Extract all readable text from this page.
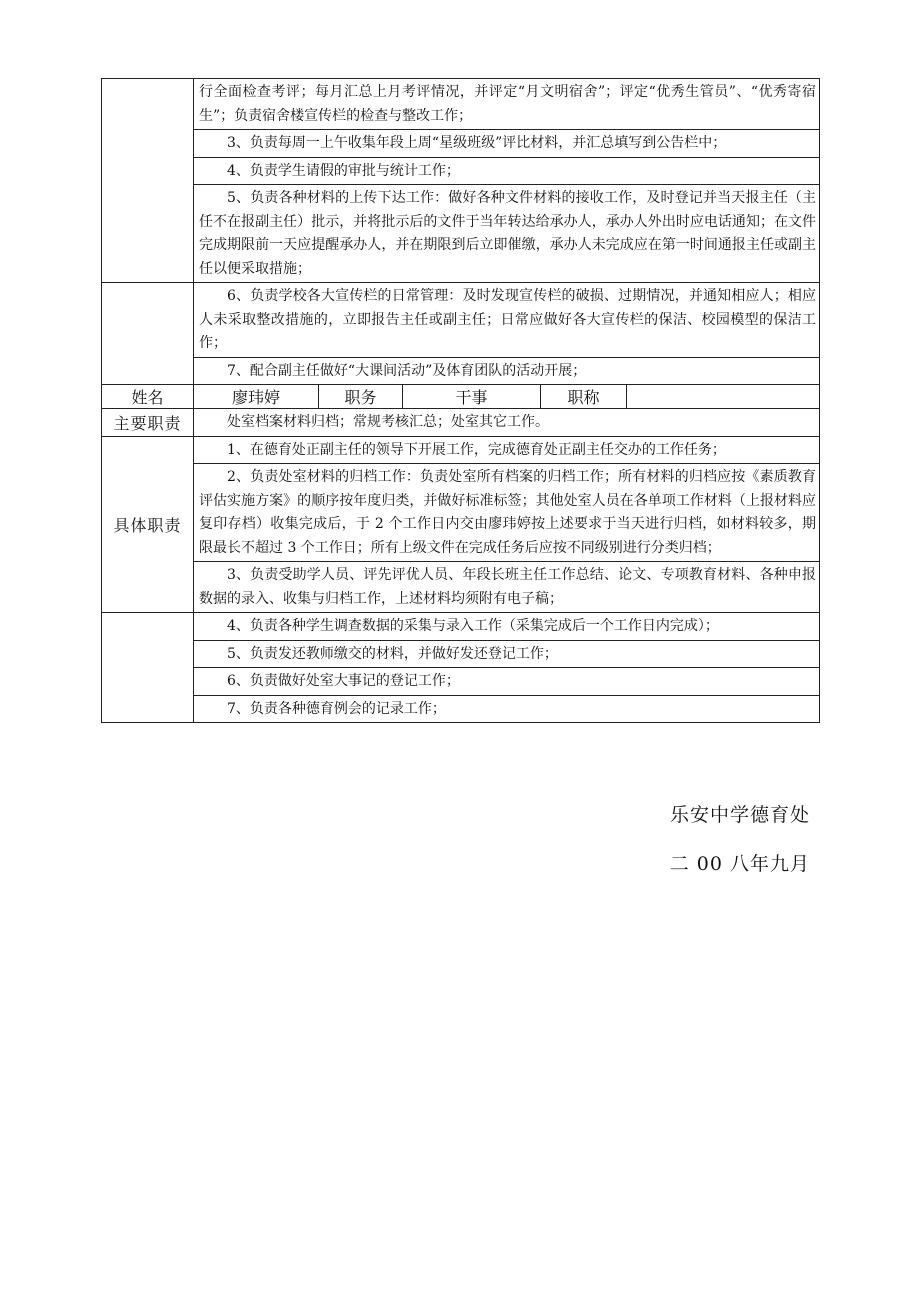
	行全面检查考评；每月汇总上月考评情况，并评定“月文明宿舍”；评定“优秀生管员”、“优秀寄宿生”；负责宿舍楼宣传栏的检查与整改工作；				
	3、负责每周一上午收集年段上周“星级班级”评比材料，并汇总填写到公告栏中；				
	4、负责学生请假的审批与统计工作；				
	5、负责各种材料的上传下达工作：做好各种文件材料的接收工作，及时登记并当天报主任（主任不在报副主任）批示，并将批示后的文件于当年转达给承办人，承办人外出时应电话通知；在文件完成期限前一天应提醒承办人，并在期限到后立即催缴，承办人未完成应在第一时间通报主任或副主任以便采取措施；				
	6、负责学校各大宣传栏的日常管理：及时发现宣传栏的破损、过期情况，并通知相应人；相应人未采取整改措施的，立即报告主任或副主任；日常应做好各大宣传栏的保洁、校园模型的保洁工作；				
	7、配合副主任做好“大课间活动”及体育团队的活动开展；				
姓名	廖玮婷	职务	干事	职称	
主要职责	处室档案材料归档；常规考核汇总；处室其它工作。				
具体职责	1、在德育处正副主任的领导下开展工作，完成德育处正副主任交办的工作任务；				
	2、负责处室材料的归档工作：负责处室所有档案的归档工作；所有材料的归档应按《素质教育评估实施方案》的顺序按年度归类，并做好标准标签；其他处室人员在各单项工作材料（上报材料应复印存档）收集完成后，于 2 个工作日内交由廖玮婷按上述要求于当天进行归档，如材料较多，期限最长不超过 3 个工作日；所有上级文件在完成任务后应按不同级别进行分类归档；				
	3、负责受助学人员、评先评优人员、年段长班主任工作总结、论文、专项教育材料、各种申报数据的录入、收集与归档工作，上述材料均须附有电子稿；				
	4、负责各种学生调查数据的采集与录入工作（采集完成后一个工作日内完成）；				
	5、负责发还教师缴交的材料，并做好发还登记工作；				
	6、负责做好处室大事记的登记工作；				
	7、负责各种德育例会的记录工作；				
乐安中学德育处
二 00 八年九月
